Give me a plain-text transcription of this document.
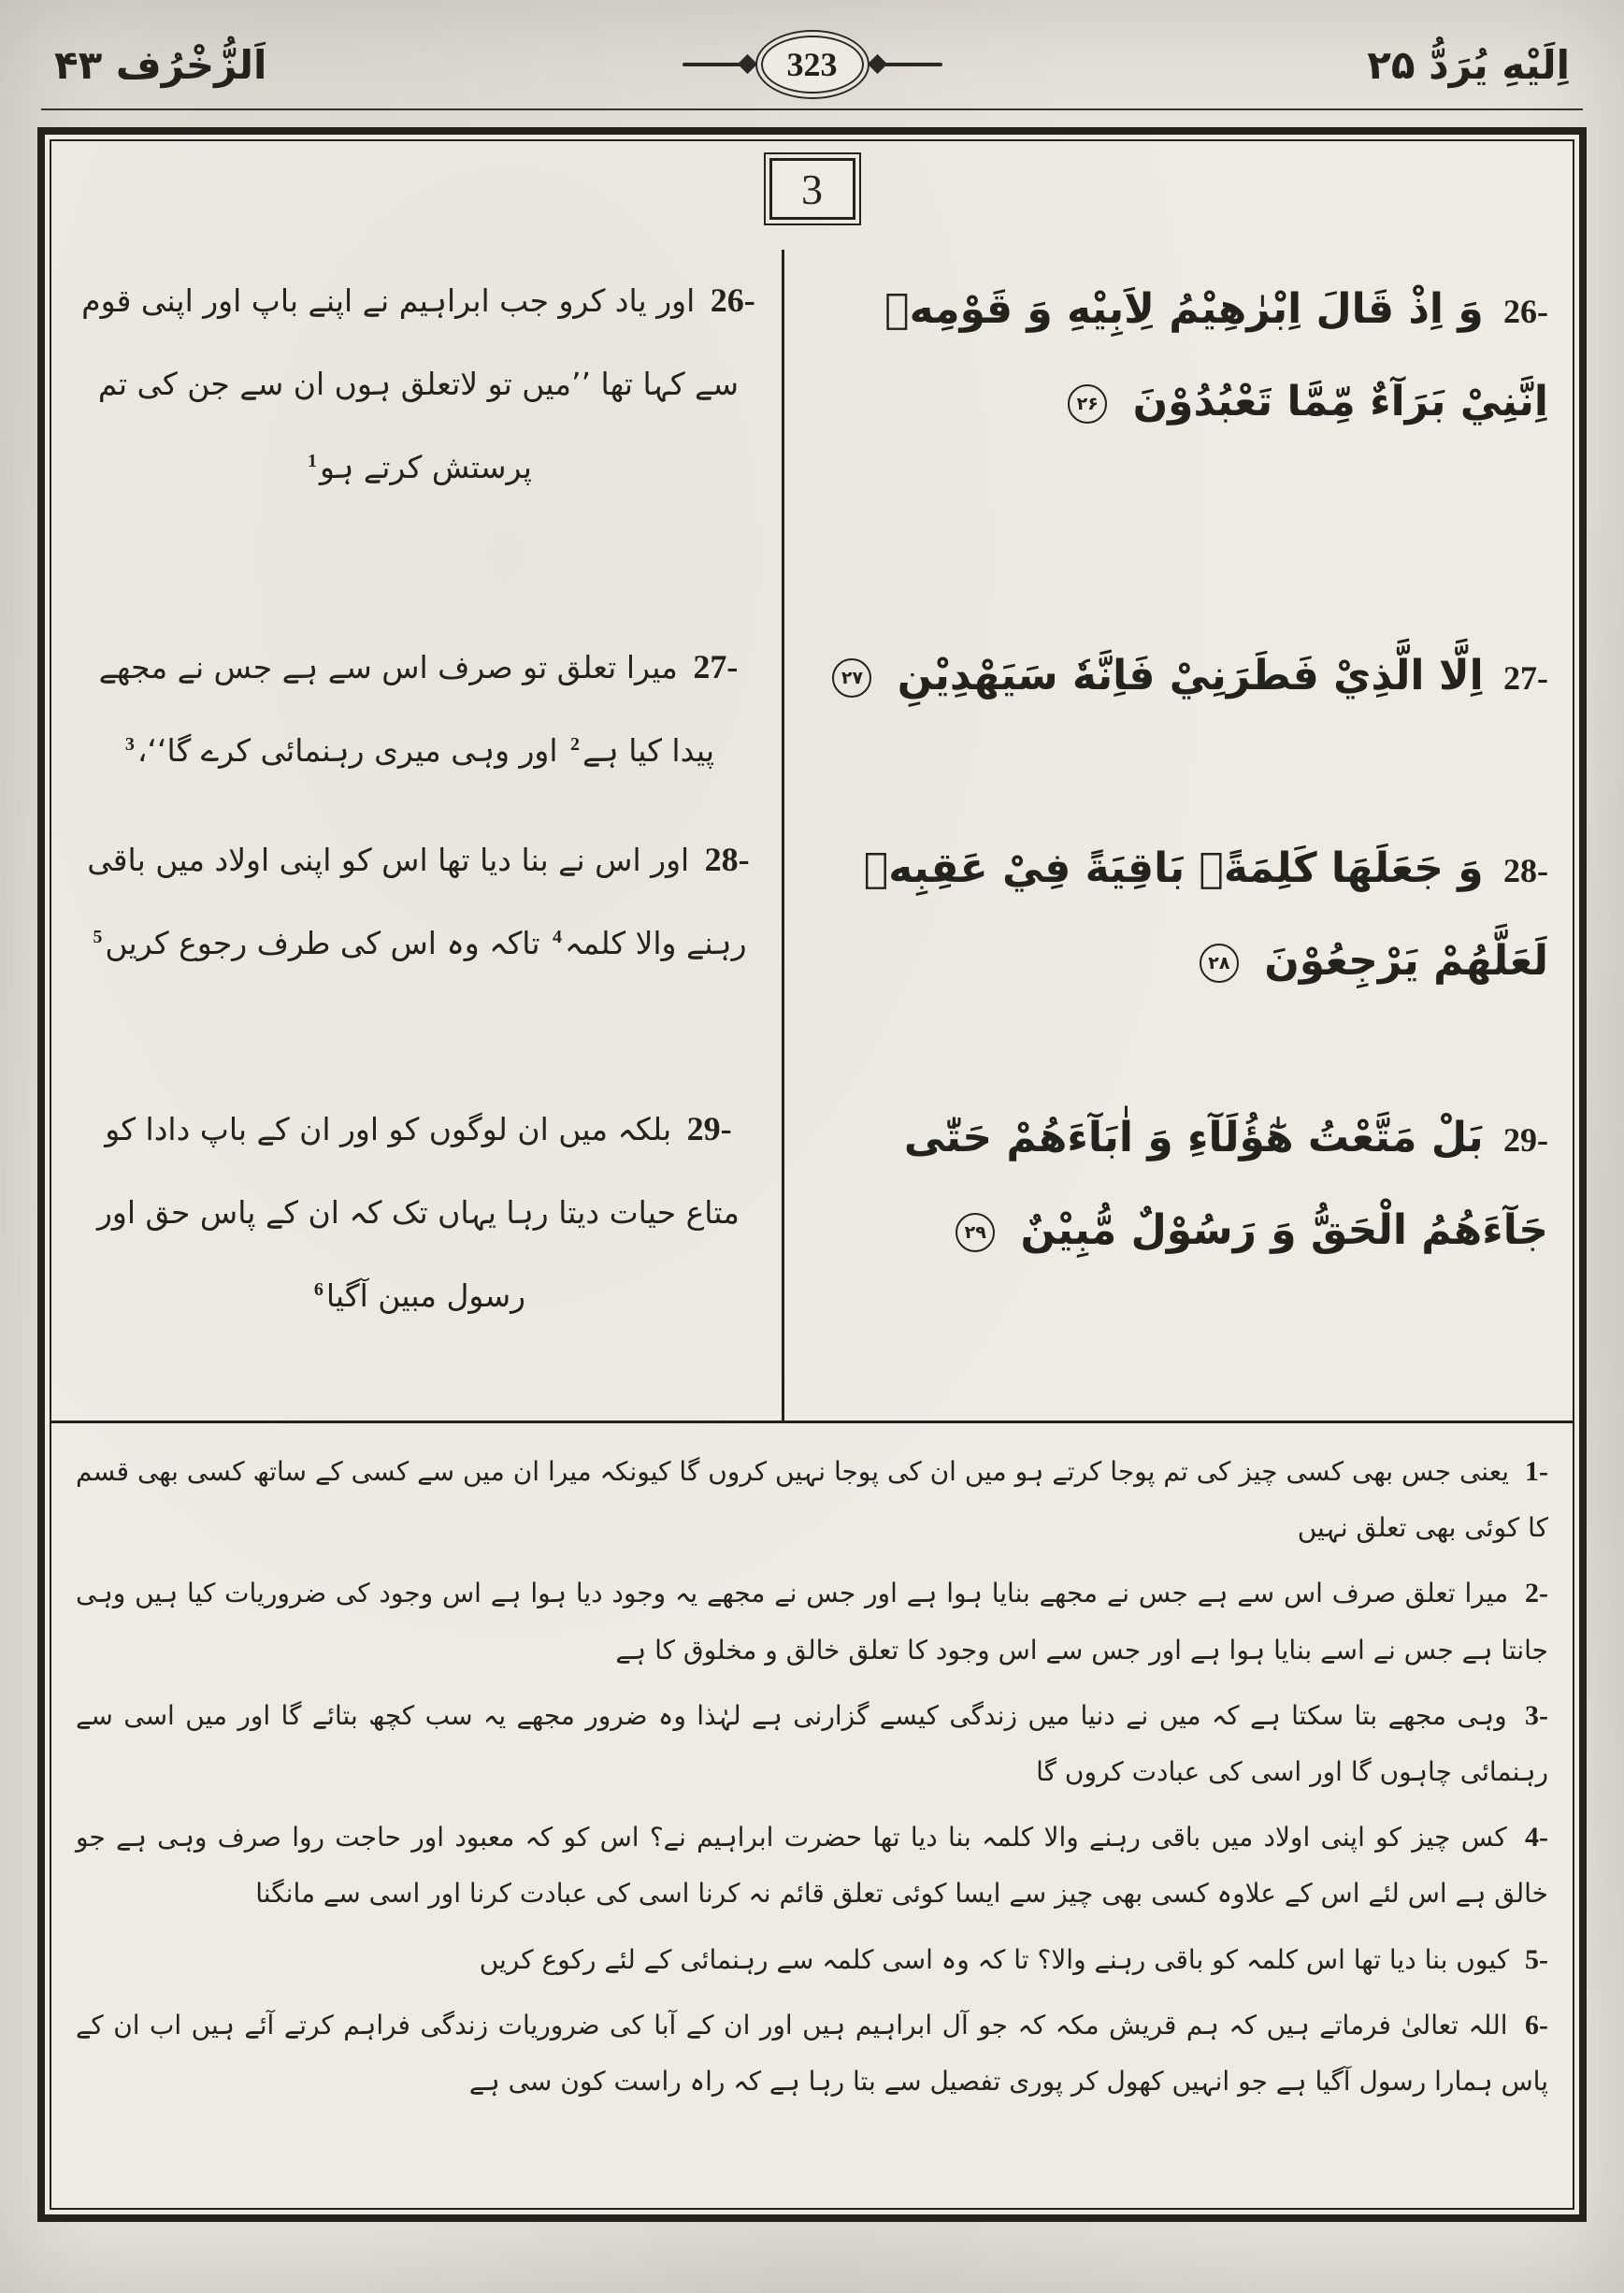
اَلزُّخْرُف ۴۳	323	اِلَيْهِ يُرَدُّ ۲۵
3

26- اور یاد کرو جب ابراہیم نے اپنے باپ اور اپنی قوم سے کہا تھا ’’میں تو لاتعلق ہوں ان سے جن کی تم پرستش کرتے ہو$^1$

26- وَ اِذْ قَالَ اِبْرٰهِيْمُ لِاَبِيْهِ وَ قَوْمِهٖ اِنَّنِيْ بَرَآءٌ مِّمَّا تَعْبُدُوْنَ ۲۶

27- میرا تعلق تو صرف اس سے ہے جس نے مجھے پیدا کیا ہے$^2$ اور وہی میری رہنمائی کرے گا‘‘،$^3$

27- اِلَّا الَّذِيْ فَطَرَنِيْ فَاِنَّهٗ سَيَهْدِيْنِ ۲۷

28- اور اس نے بنا دیا تھا اس کو اپنی اولاد میں باقی رہنے والا کلمہ$^4$ تاکہ وہ اس کی طرف رجوع کریں$^5$

28- وَ جَعَلَهَا كَلِمَةًۢ بَاقِيَةً فِيْ عَقِبِهٖ لَعَلَّهُمْ يَرْجِعُوْنَ ۲۸

29- بلکہ میں ان لوگوں کو اور ان کے باپ دادا کو متاع حیات دیتا رہا یہاں تک کہ ان کے پاس حق اور رسول مبین آگیا$^6$

29- بَلْ مَتَّعْتُ هٰٓؤُلَآءِ وَ اٰبَآءَهُمْ حَتّٰى جَآءَهُمُ الْحَقُّ وَ رَسُوْلٌ مُّبِيْنٌ ۲۹

1- یعنی جس بھی کسی چیز کی تم پوجا کرتے ہو میں ان کی پوجا نہیں کروں گا کیونکہ میرا ان میں سے کسی کے ساتھ کسی بھی قسم کا کوئی بھی تعلق نہیں
2- میرا تعلق صرف اس سے ہے جس نے مجھے بنایا ہوا ہے اور جس نے مجھے یہ وجود دیا ہوا ہے اس وجود کی ضروریات کیا ہیں وہی جانتا ہے جس نے اسے بنایا ہوا ہے اور جس سے اس وجود کا تعلق خالق و مخلوق کا ہے
3- وہی مجھے بتا سکتا ہے کہ میں نے دنیا میں زندگی کیسے گزارنی ہے لہٰذا وہ ضرور مجھے یہ سب کچھ بتائے گا اور میں اسی سے رہنمائی چاہوں گا اور اسی کی عبادت کروں گا
4- کس چیز کو اپنی اولاد میں باقی رہنے والا کلمہ بنا دیا تھا حضرت ابراہیم نے؟ اس کو کہ معبود اور حاجت روا صرف وہی ہے جو خالق ہے اس لئے اس کے علاوہ کسی بھی چیز سے ایسا کوئی تعلق قائم نہ کرنا اسی کی عبادت کرنا اور اسی سے مانگنا
5- کیوں بنا دیا تھا اس کلمہ کو باقی رہنے والا؟ تا کہ وہ اسی کلمہ سے رہنمائی کے لئے رکوع کریں
6- اللہ تعالیٰ فرماتے ہیں کہ ہم قریش مکہ کہ جو آل ابراہیم ہیں اور ان کے آبا کی ضروریات زندگی فراہم کرتے آئے ہیں اب ان کے پاس ہمارا رسول آگیا ہے جو انہیں کھول کر پوری تفصیل سے بتا رہا ہے کہ راہ راست کون سی ہے
